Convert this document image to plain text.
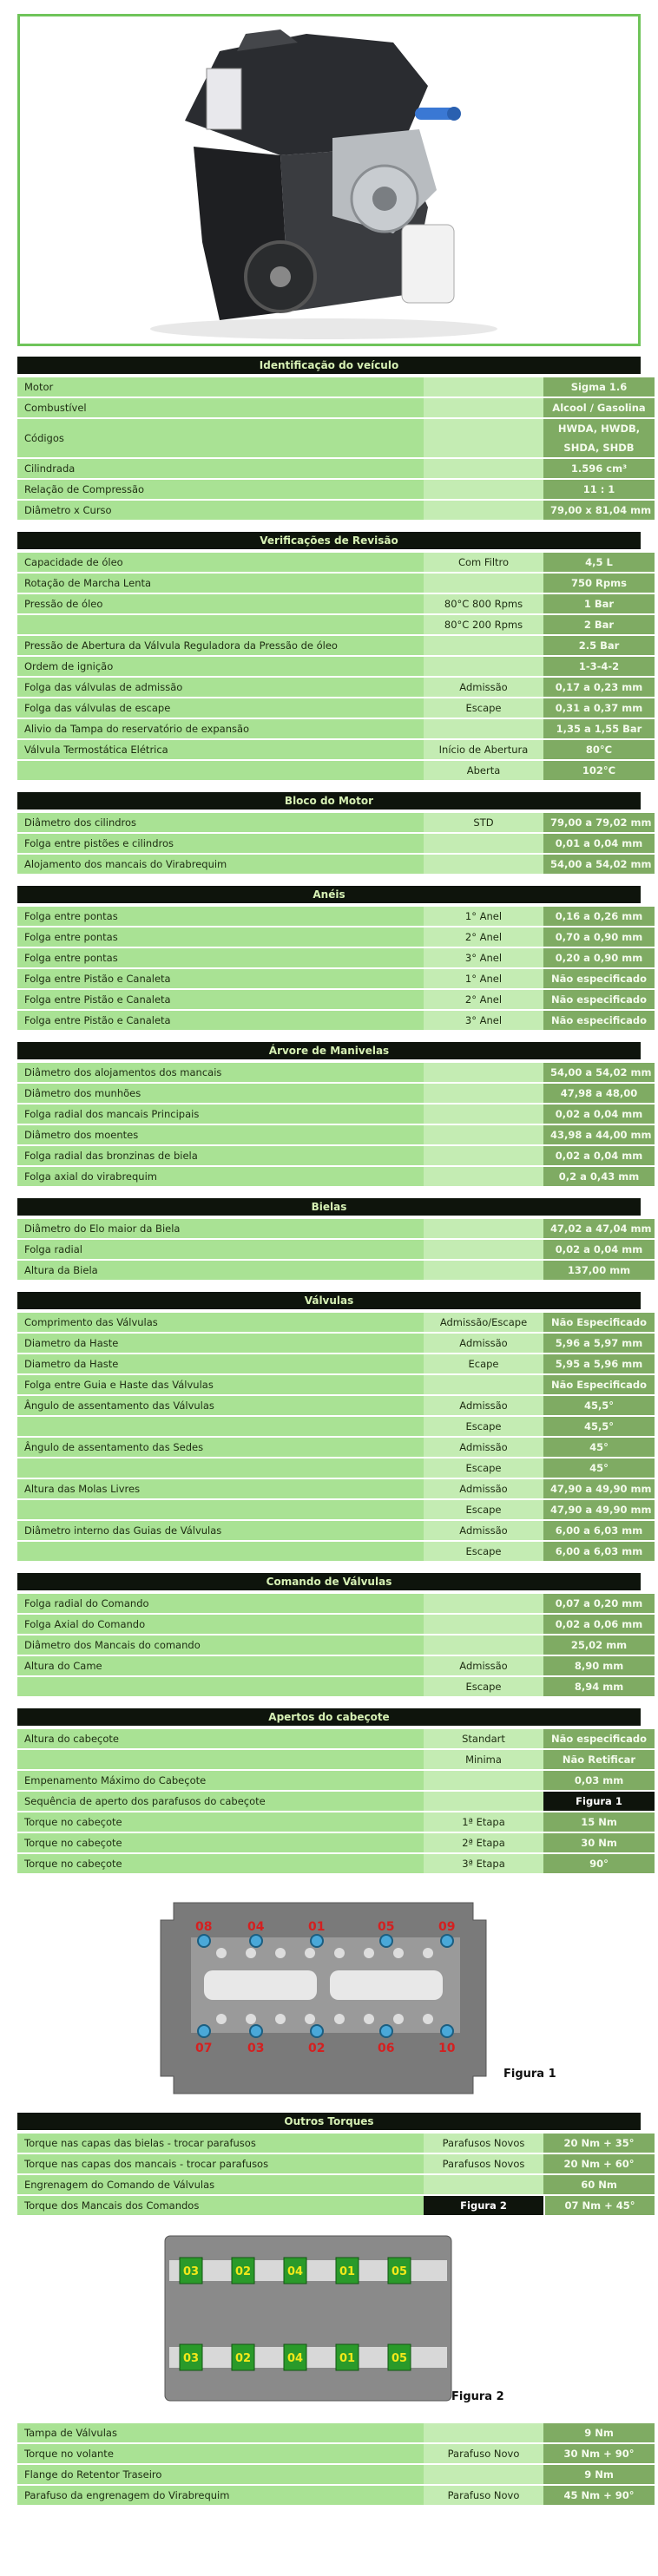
Identificação do veículo
Motor		Sigma 1.6
Combustível		Alcool / Gasolina
Códigos		HWDA, HWDB, SHDA, SHDB
Cilindrada		1.596 cm³
Relação de Compressão		11 : 1
Diâmetro x Curso		79,00 x 81,04 mm
Verificações de Revisão
Capacidade de óleo	Com Filtro	4,5 L
Rotação de Marcha Lenta		750 Rpms
Pressão de óleo	80°C 800 Rpms	1 Bar
	80°C 200 Rpms	2 Bar
Pressão de Abertura da Válvula Reguladora da Pressão de óleo		2.5 Bar
Ordem de ignição		1-3-4-2
Folga das válvulas de admissão	Admissão	0,17 a 0,23 mm
Folga das válvulas de escape	Escape	0,31 a 0,37 mm
Alivio da Tampa do reservatório de expansão		1,35 a 1,55 Bar
Válvula Termostática Elétrica	Início de Abertura	80°C
	Aberta	102°C
Bloco do Motor
Diâmetro dos cilindros	STD	79,00 a 79,02 mm
Folga entre pistões e cilindros		0,01 a 0,04 mm
Alojamento dos mancais do Virabrequim		54,00 a 54,02 mm
Anéis
Folga entre pontas	1° Anel	0,16 a 0,26 mm
Folga entre pontas	2° Anel	0,70 a 0,90 mm
Folga entre pontas	3° Anel	0,20 a 0,90 mm
Folga entre Pistão e Canaleta	1° Anel	Não especificado
Folga entre Pistão e Canaleta	2° Anel	Não especificado
Folga entre Pistão e Canaleta	3° Anel	Não especificado
Árvore de Manivelas
Diâmetro dos alojamentos dos mancais		54,00 a 54,02 mm
Diâmetro dos munhões		47,98 a 48,00
Folga radial dos mancais Principais		0,02 a 0,04 mm
Diâmetro dos moentes		43,98 a 44,00 mm
Folga radial das bronzinas de biela		0,02 a 0,04 mm
Folga axial do virabrequim		0,2 a 0,43 mm
Bielas
Diâmetro do Elo maior da Biela		47,02 a 47,04 mm
Folga radial		0,02 a 0,04 mm
Altura da Biela		137,00 mm
Válvulas
Comprimento das Válvulas	Admissão/Escape	Não Especificado
Diametro da Haste	Admissão	5,96 a 5,97 mm
Diametro da Haste	Ecape	5,95 a 5,96 mm
Folga entre Guia e Haste das Válvulas		Não Especificado
Ângulo de assentamento das Válvulas	Admissão	45,5°
	Escape	45,5°
Ângulo de assentamento das Sedes	Admissão	45°
	Escape	45°
Altura das Molas Livres	Admissão	47,90 a 49,90 mm
	Escape	47,90 a 49,90 mm
Diâmetro interno das Guias de Válvulas	Admissão	6,00 a 6,03 mm
	Escape	6,00 a 6,03 mm
Comando de Válvulas
Folga radial do Comando		0,07 a 0,20 mm
Folga Axial do Comando		0,02 a 0,06 mm
Diâmetro dos Mancais do comando		25,02 mm
Altura do Came	Admissão	8,90 mm
	Escape	8,94 mm
Apertos do cabeçote
Altura do cabeçote	Standart	Não especificado
	Minima	Não Retificar
Empenamento Máximo do Cabeçote		0,03 mm
Sequência de aperto dos parafusos do cabeçote		Figura 1
Torque no cabeçote	1ª Etapa	15 Nm
Torque no cabeçote	2ª Etapa	30 Nm
Torque no cabeçote	3ª Etapa	90°
08	04	01	05	09
07	03	02	06	10
Figura 1
Outros Torques
Torque nas capas das bielas - trocar parafusos	Parafusos Novos	20 Nm + 35°
Torque nas capas dos mancais - trocar parafusos	Parafusos Novos	20 Nm + 60°
Engrenagem do Comando de Válvulas		60 Nm
Torque dos Mancais dos Comandos	Figura 2	07 Nm + 45°
03	02	04	01	05
03	02	04	01	05
Figura 2
Tampa de Válvulas		9 Nm
Torque no volante	Parafuso Novo	30 Nm + 90°
Flange do Retentor Traseiro		9 Nm
Parafuso da engrenagem do Virabrequim	Parafuso Novo	45 Nm + 90°
